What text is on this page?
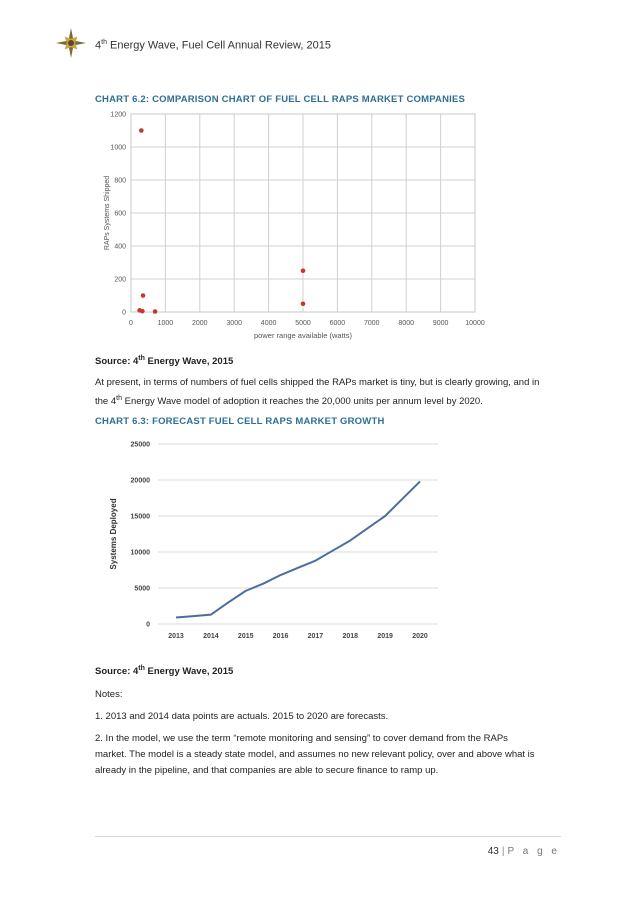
4th Energy Wave, Fuel Cell Annual Review, 2015
CHART 6.2: COMPARISON CHART OF FUEL CELL RAPS MARKET COMPANIES
0	1000	2000	3000	4000	5000	6000	7000	8000	9000 10000
0
200
400
600
800
1000
1200
power range available (watts)
RAPs Systems Shipped
Source: 4th Energy Wave, 2015

At present, in terms of numbers of fuel cells shipped the RAPs market is tiny, but is clearly growing, and in
the 4th Energy Wave model of adoption it reaches the 20,000 units per annum level by 2020.

CHART 6.3: FORECAST FUEL CELL RAPS MARKET GROWTH
0
5000
10000
15000
20000
25000
2013	2014	2015	2016	2017	2018	2019	2020
Systems Deployed
Source: 4th Energy Wave, 2015
Notes:
1. 2013 and 2014 data points are actuals. 2015 to 2020 are forecasts.

2. In the model, we use the term “remote monitoring and sensing” to cover demand from the RAPs
market. The model is a steady state model, and assumes no new relevant policy, over and above what is
already in the pipeline, and that companies are able to secure finance to ramp up.

43 | P a g e
